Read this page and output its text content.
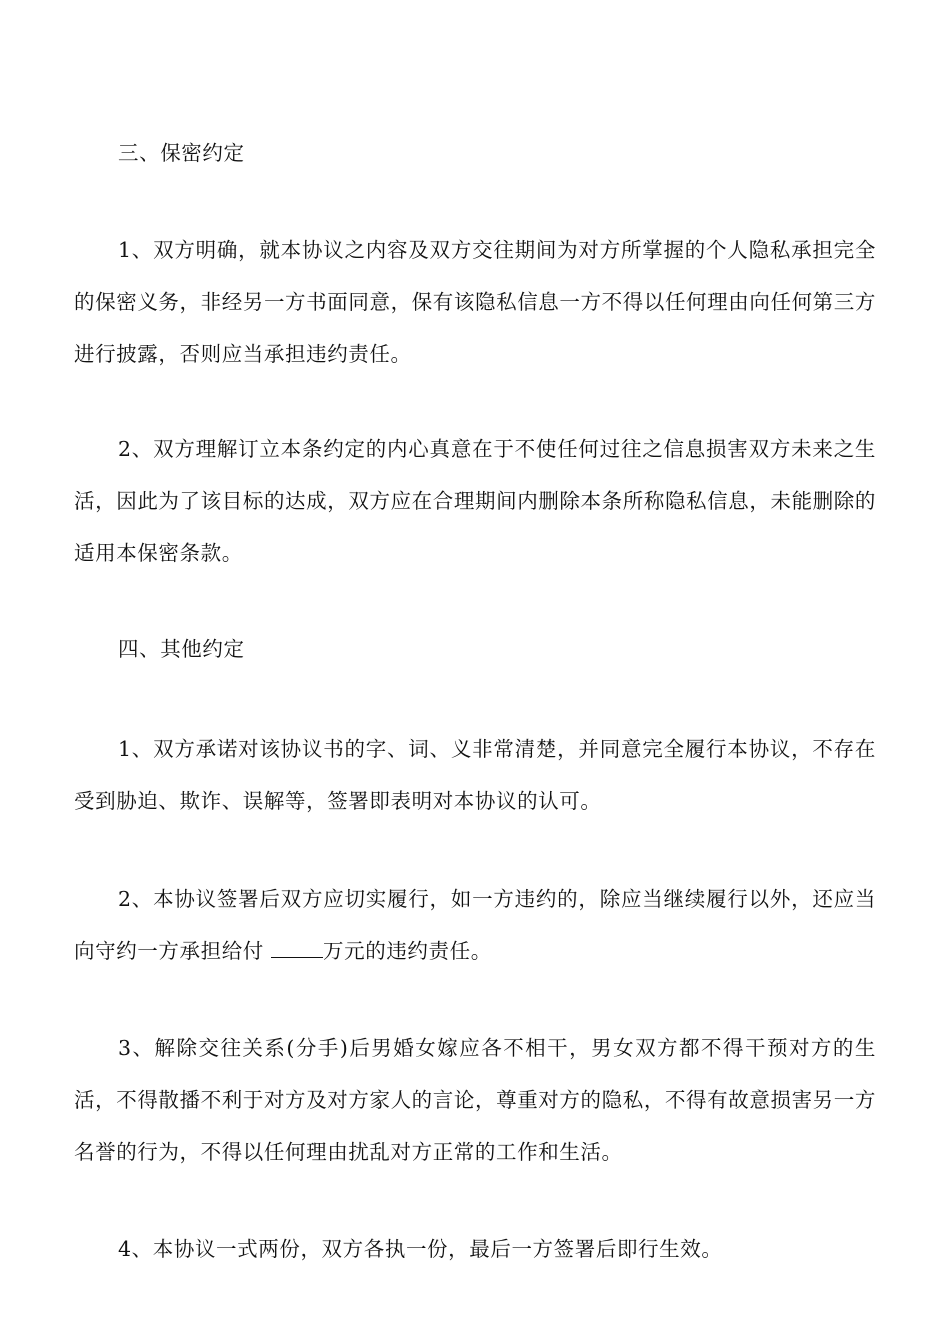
三、保密约定
1、双方明确，就本协议之内容及双方交往期间为对方所掌握的个人隐私承担完全的保密义务，非经另一方书面同意，保有该隐私信息一方不得以任何理由向任何第三方进行披露，否则应当承担违约责任。
2、双方理解订立本条约定的内心真意在于不使任何过往之信息损害双方未来之生活，因此为了该目标的达成，双方应在合理期间内删除本条所称隐私信息，未能删除的适用本保密条款。
四、其他约定
1、双方承诺对该协议书的字、词、义非常清楚，并同意完全履行本协议，不存在受到胁迫、欺诈、误解等，签署即表明对本协议的认可。
2、本协议签署后双方应切实履行，如一方违约的，除应当继续履行以外，还应当向守约一方承担给付	万元的违约责任。
3、解除交往关系(分手)后男婚女嫁应各不相干，男女双方都不得干预对方的生活，不得散播不利于对方及对方家人的言论，尊重对方的隐私，不得有故意损害另一方名誉的行为，不得以任何理由扰乱对方正常的工作和生活。
4、本协议一式两份，双方各执一份，最后一方签署后即行生效。
